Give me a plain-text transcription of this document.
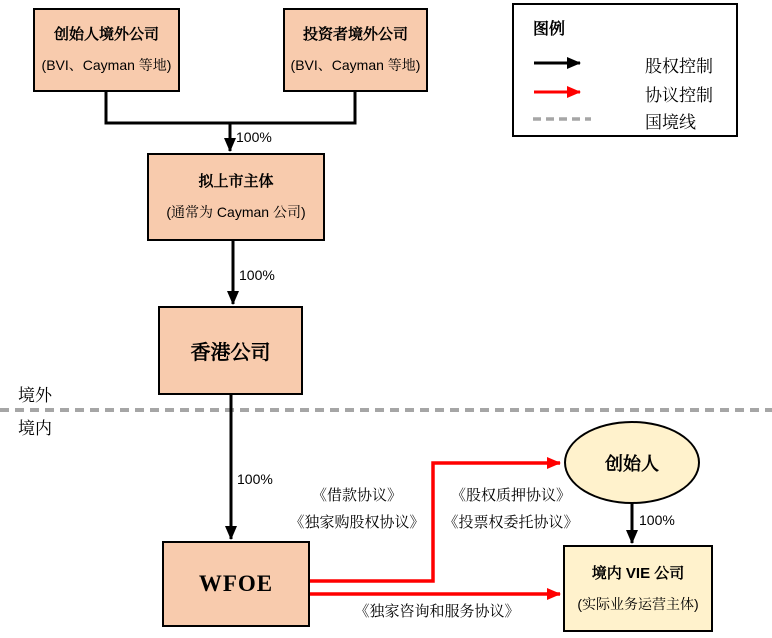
创始人境外公司
(BVI、Cayman 等地)
投资者境外公司
(BVI、Cayman 等地)
拟上市主体
(通常为 Cayman 公司)
香港公司
WFOE
创始人
境内 VIE 公司
(实际业务运营主体)
100%
100%
100%
100%
《借款协议》
《独家购股权协议》
《股权质押协议》
《投票权委托协议》
《独家咨询和服务协议》
境外
境内
图例
股权控制
协议控制
国境线
